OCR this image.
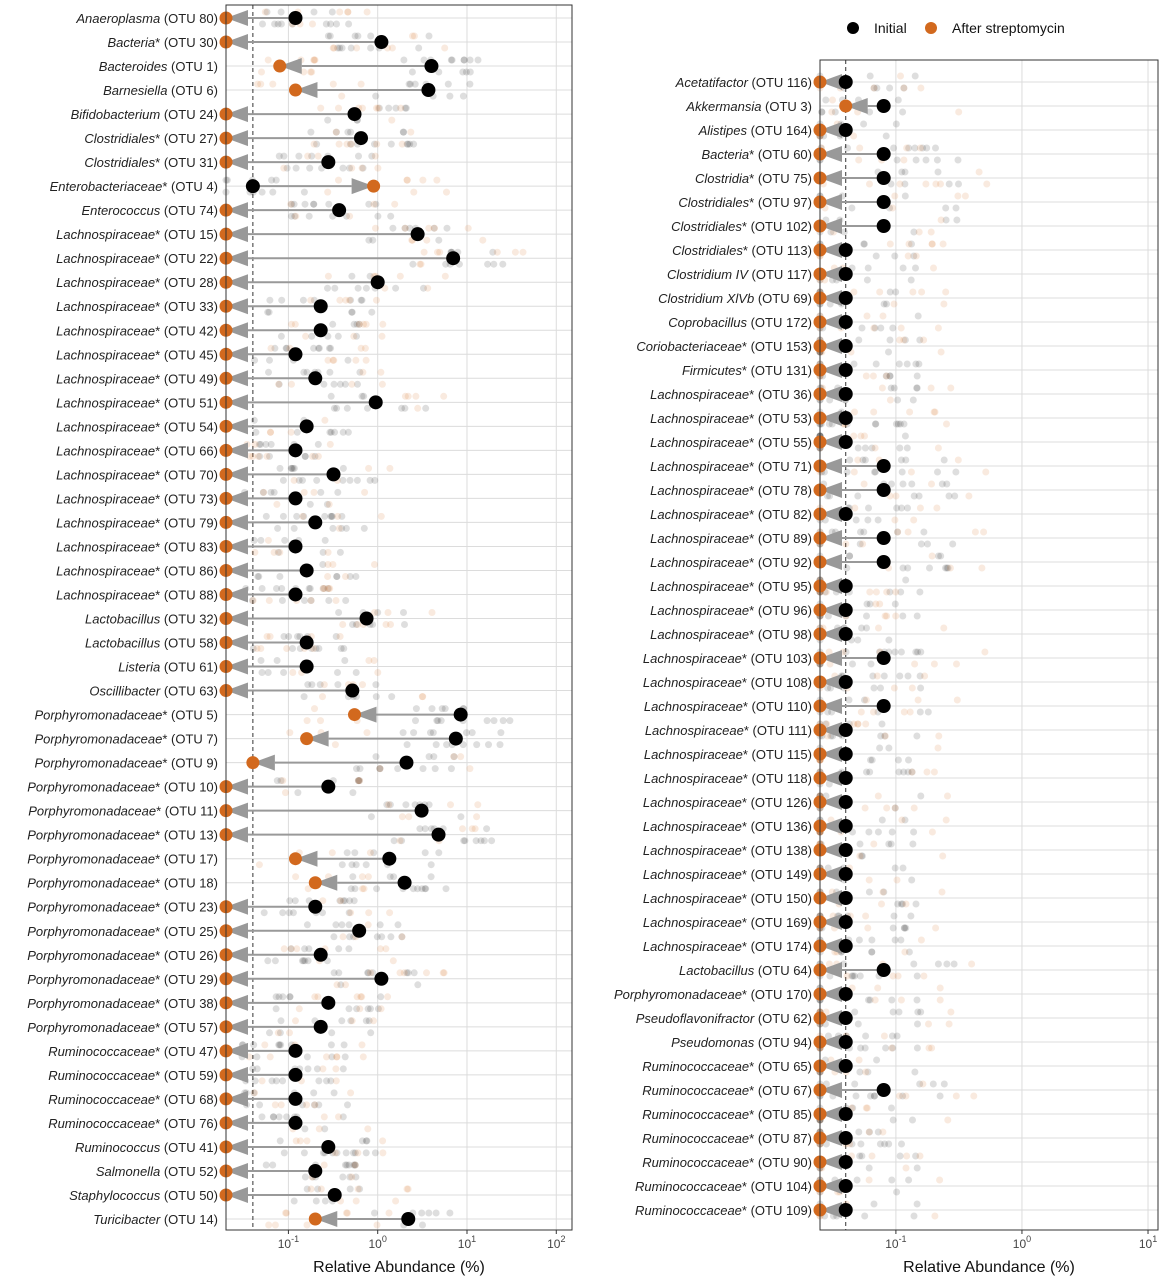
Anaeroplasma (OTU 80)
Bacteria* (OTU 30)
Bacteroides (OTU 1)
Barnesiella (OTU 6)
Bifidobacterium (OTU 24)
Clostridiales* (OTU 27)
Clostridiales* (OTU 31)
Enterobacteriaceae* (OTU 4)
Enterococcus (OTU 74)
Lachnospiraceae* (OTU 15)
Lachnospiraceae* (OTU 22)
Lachnospiraceae* (OTU 28)
Lachnospiraceae* (OTU 33)
Lachnospiraceae* (OTU 42)
Lachnospiraceae* (OTU 45)
Lachnospiraceae* (OTU 49)
Lachnospiraceae* (OTU 51)
Lachnospiraceae* (OTU 54)
Lachnospiraceae* (OTU 66)
Lachnospiraceae* (OTU 70)
Lachnospiraceae* (OTU 73)
Lachnospiraceae* (OTU 79)
Lachnospiraceae* (OTU 83)
Lachnospiraceae* (OTU 86)
Lachnospiraceae* (OTU 88)
Lactobacillus (OTU 32)
Lactobacillus (OTU 58)
Listeria (OTU 61)
Oscillibacter (OTU 63)
Porphyromonadaceae* (OTU 5)
Porphyromonadaceae* (OTU 7)
Porphyromonadaceae* (OTU 9)
Porphyromonadaceae* (OTU 10)
Porphyromonadaceae* (OTU 11)
Porphyromonadaceae* (OTU 13)
Porphyromonadaceae* (OTU 17)
Porphyromonadaceae* (OTU 18)
Porphyromonadaceae* (OTU 23)
Porphyromonadaceae* (OTU 25)
Porphyromonadaceae* (OTU 26)
Porphyromonadaceae* (OTU 29)
Porphyromonadaceae* (OTU 38)
Porphyromonadaceae* (OTU 57)
Ruminococcaceae* (OTU 47)
Ruminococcaceae* (OTU 59)
Ruminococcaceae* (OTU 68)
Ruminococcaceae* (OTU 76)
Ruminococcus (OTU 41)
Salmonella (OTU 52)
Staphylococcus (OTU 50)
Turicibacter (OTU 14)
$10^{-1}$	$10^0$	$10^1$	$10^2$
Relative Abundance (%)
Acetatifactor (OTU 116)
Akkermansia (OTU 3)
Alistipes (OTU 164)
Bacteria* (OTU 60)
Clostridia* (OTU 75)
Clostridiales* (OTU 97)
Clostridiales* (OTU 102)
Clostridiales* (OTU 113)
Clostridium IV (OTU 117)
Clostridium XlVb (OTU 69)
Coprobacillus (OTU 172)
Coriobacteriaceae* (OTU 153)
Firmicutes* (OTU 131)
Lachnospiraceae* (OTU 36)
Lachnospiraceae* (OTU 53)
Lachnospiraceae* (OTU 55)
Lachnospiraceae* (OTU 71)
Lachnospiraceae* (OTU 78)
Lachnospiraceae* (OTU 82)
Lachnospiraceae* (OTU 89)
Lachnospiraceae* (OTU 92)
Lachnospiraceae* (OTU 95)
Lachnospiraceae* (OTU 96)
Lachnospiraceae* (OTU 98)
Lachnospiraceae* (OTU 103)
Lachnospiraceae* (OTU 108)
Lachnospiraceae* (OTU 110)
Lachnospiraceae* (OTU 111)
Lachnospiraceae* (OTU 115)
Lachnospiraceae* (OTU 118)
Lachnospiraceae* (OTU 126)
Lachnospiraceae* (OTU 136)
Lachnospiraceae* (OTU 138)
Lachnospiraceae* (OTU 149)
Lachnospiraceae* (OTU 150)
Lachnospiraceae* (OTU 169)
Lachnospiraceae* (OTU 174)
Lactobacillus (OTU 64)
Porphyromonadaceae* (OTU 170)
Pseudoflavonifractor (OTU 62)
Pseudomonas (OTU 94)
Ruminococcaceae* (OTU 65)
Ruminococcaceae* (OTU 67)
Ruminococcaceae* (OTU 85)
Ruminococcaceae* (OTU 87)
Ruminococcaceae* (OTU 90)
Ruminococcaceae* (OTU 104)
Ruminococcaceae* (OTU 109)
$10^{-1}$	$10^0$	$10^1$
Relative Abundance (%)
Initial	After streptomycin
